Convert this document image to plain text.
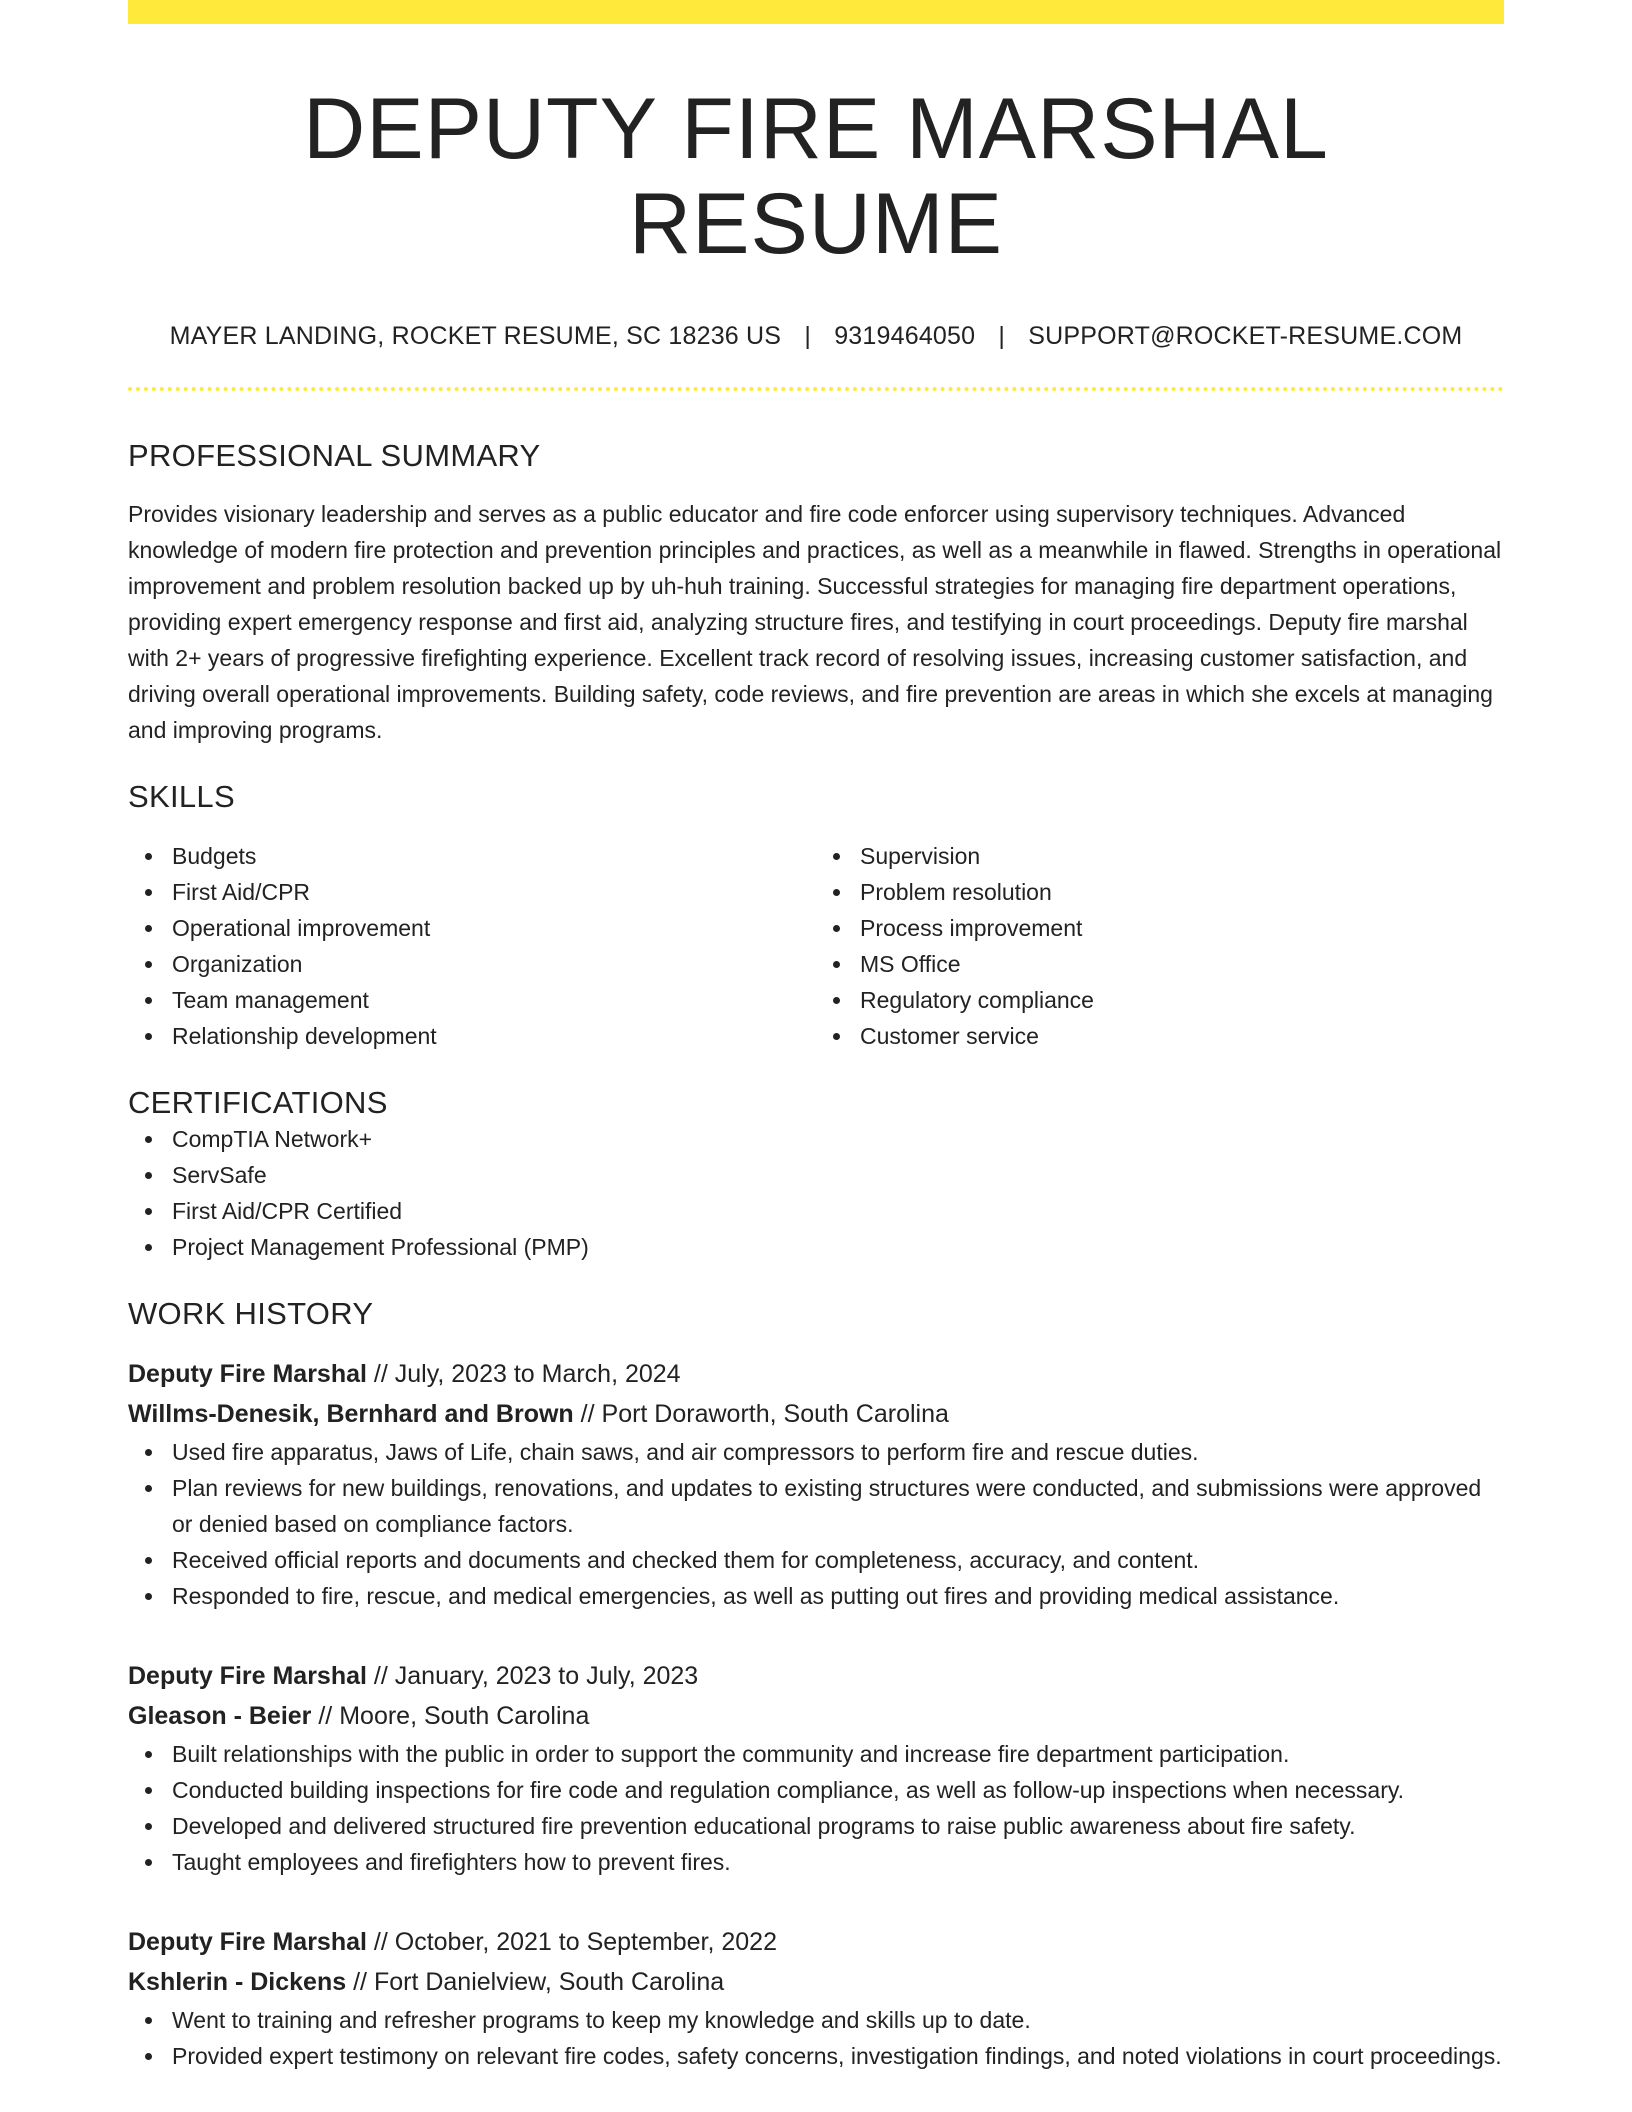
DEPUTY FIRE MARSHAL RESUME
MAYER LANDING, ROCKET RESUME, SC 18236 US | 9319464050 | SUPPORT@ROCKET-RESUME.COM
PROFESSIONAL SUMMARY

Provides visionary leadership and serves as a public educator and fire code enforcer using supervisory techniques. Advanced knowledge of modern fire protection and prevention principles and practices, as well as a meanwhile in flawed. Strengths in operational improvement and problem resolution backed up by uh-huh training. Successful strategies for managing fire department operations, providing expert emergency response and first aid, analyzing structure fires, and testifying in court proceedings. Deputy fire marshal with 2+ years of progressive firefighting experience. Excellent track record of resolving issues, increasing customer satisfaction, and driving overall operational improvements. Building safety, code reviews, and fire prevention are areas in which she excels at managing and improving programs.

SKILLS
Budgets
First Aid/CPR
Operational improvement
Organization
Team management
Relationship development
Supervision
Problem resolution
Process improvement
MS Office
Regulatory compliance
Customer service
CERTIFICATIONS
CompTIA Network+
ServSafe
First Aid/CPR Certified
Project Management Professional (PMP)
WORK HISTORY
Deputy Fire Marshal // July, 2023 to March, 2024
Willms-Denesik, Bernhard and Brown // Port Doraworth, South Carolina
Used fire apparatus, Jaws of Life, chain saws, and air compressors to perform fire and rescue duties.
Plan reviews for new buildings, renovations, and updates to existing structures were conducted, and submissions were approved or denied based on compliance factors.
Received official reports and documents and checked them for completeness, accuracy, and content.
Responded to fire, rescue, and medical emergencies, as well as putting out fires and providing medical assistance.
Deputy Fire Marshal // January, 2023 to July, 2023
Gleason - Beier // Moore, South Carolina
Built relationships with the public in order to support the community and increase fire department participation.
Conducted building inspections for fire code and regulation compliance, as well as follow-up inspections when necessary.
Developed and delivered structured fire prevention educational programs to raise public awareness about fire safety.
Taught employees and firefighters how to prevent fires.
Deputy Fire Marshal // October, 2021 to September, 2022
Kshlerin - Dickens // Fort Danielview, South Carolina
Went to training and refresher programs to keep my knowledge and skills up to date.
Provided expert testimony on relevant fire codes, safety concerns, investigation findings, and noted violations in court proceedings.
